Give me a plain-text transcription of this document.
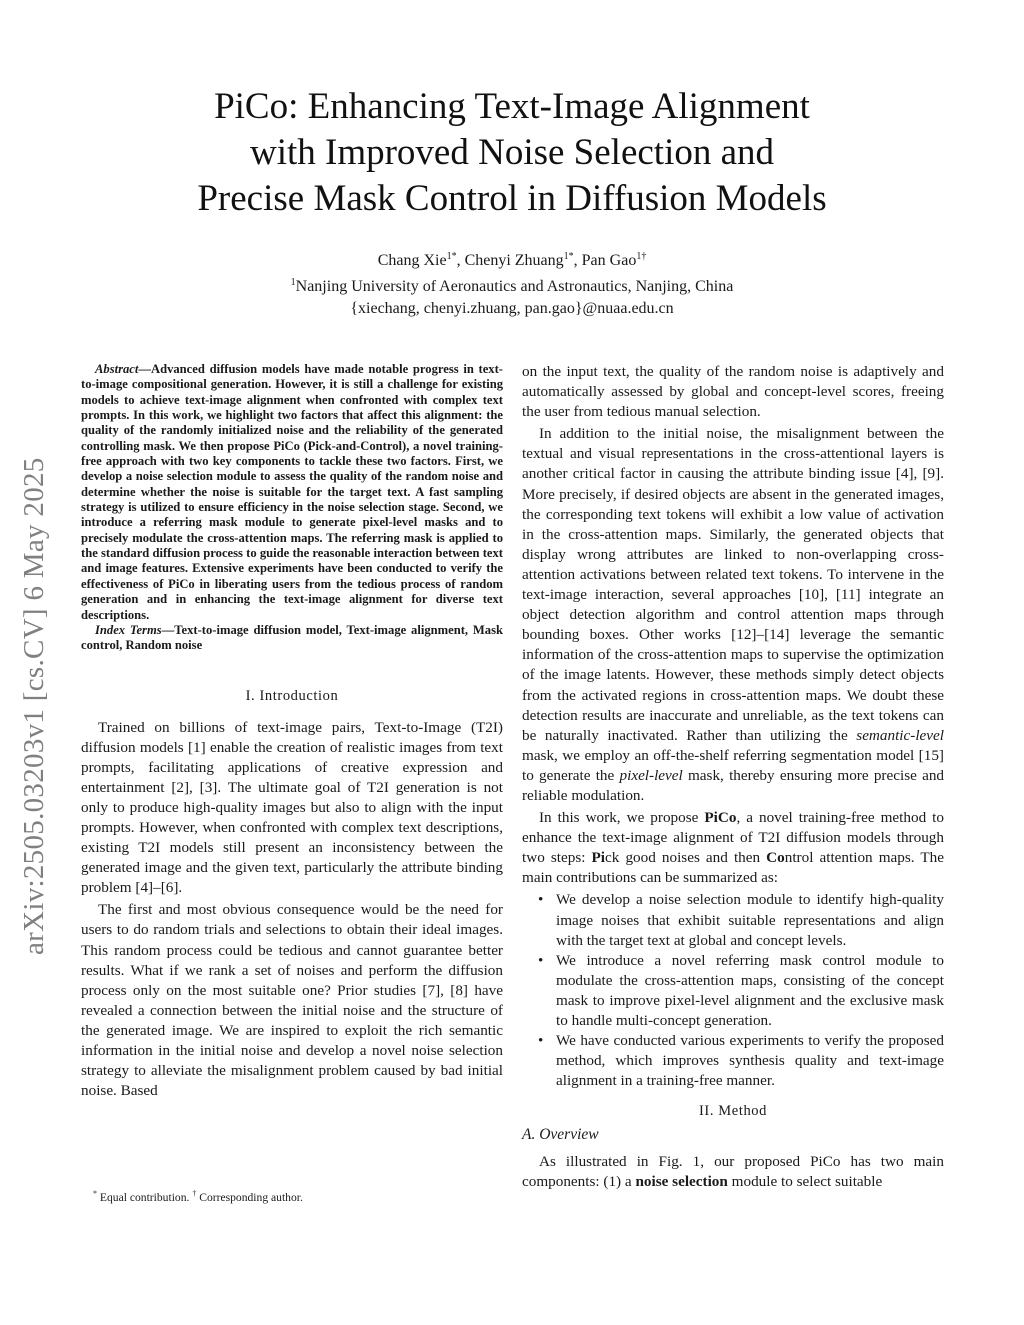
arXiv:2505.03203v1 [cs.CV] 6 May 2025
PiCo: Enhancing Text-Image Alignment
with Improved Noise Selection and
Precise Mask Control in Diffusion Models
Chang Xie$^{1*}$, Chenyi Zhuang$^{1*}$, Pan Gao$^{1\dagger}$
$^1$Nanjing University of Aeronautics and Astronautics, Nanjing, China
{xiechang, chenyi.zhuang, pan.gao}@nuaa.edu.cn

Abstract—Advanced diffusion models have made notable progress in text-to-image compositional generation. However, it is still a challenge for existing models to achieve text-image alignment when confronted with complex text prompts. In this work, we highlight two factors that affect this alignment: the quality of the randomly initialized noise and the reliability of the generated controlling mask. We then propose PiCo (Pick-and-Control), a novel training-free approach with two key components to tackle these two factors. First, we develop a noise selection module to assess the quality of the random noise and determine whether the noise is suitable for the target text. A fast sampling strategy is utilized to ensure efficiency in the noise selection stage. Second, we introduce a referring mask module to generate pixel-level masks and to precisely modulate the cross-attention maps. The referring mask is applied to the standard diffusion process to guide the reasonable interaction between text and image features. Extensive experiments have been conducted to verify the effectiveness of PiCo in liberating users from the tedious process of random generation and in enhancing the text-image alignment for diverse text descriptions.

Index Terms—Text-to-image diffusion model, Text-image alignment, Mask control, Random noise

I. Introduction

Trained on billions of text-image pairs, Text-to-Image (T2I) diffusion models [1] enable the creation of realistic images from text prompts, facilitating applications of creative expression and entertainment [2], [3]. The ultimate goal of T2I generation is not only to produce high-quality images but also to align with the input prompts. However, when confronted with complex text descriptions, existing T2I models still present an inconsistency between the generated image and the given text, particularly the attribute binding problem [4]–[6].

The first and most obvious consequence would be the need for users to do random trials and selections to obtain their ideal images. This random process could be tedious and cannot guarantee better results. What if we rank a set of noises and perform the diffusion process only on the most suitable one? Prior studies [7], [8] have revealed a connection between the initial noise and the structure of the generated image. We are inspired to exploit the rich semantic information in the initial noise and develop a novel noise selection strategy to alleviate the misalignment problem caused by bad initial noise. Based

on the input text, the quality of the random noise is adaptively and automatically assessed by global and concept-level scores, freeing the user from tedious manual selection.

In addition to the initial noise, the misalignment between the textual and visual representations in the cross-attentional layers is another critical factor in causing the attribute binding issue [4], [9]. More precisely, if desired objects are absent in the generated images, the corresponding text tokens will exhibit a low value of activation in the cross-attention maps. Similarly, the generated objects that display wrong attributes are linked to non-overlapping cross-attention activations between related text tokens. To intervene in the text-image interaction, several approaches [10], [11] integrate an object detection algorithm and control attention maps through bounding boxes. Other works [12]–[14] leverage the semantic information of the cross-attention maps to supervise the optimization of the image latents. However, these methods simply detect objects from the activated regions in cross-attention maps. We doubt these detection results are inaccurate and unreliable, as the text tokens can be naturally inactivated. Rather than utilizing the semantic-level mask, we employ an off-the-shelf referring segmentation model [15] to generate the pixel-level mask, thereby ensuring more precise and reliable modulation.

In this work, we propose PiCo, a novel training-free method to enhance the text-image alignment of T2I diffusion models through two steps: Pick good noises and then Control attention maps. The main contributions can be summarized as:

• We develop a noise selection module to identify high-quality image noises that exhibit suitable representations and align with the target text at global and concept levels.
• We introduce a novel referring mask control module to modulate the cross-attention maps, consisting of the concept mask to improve pixel-level alignment and the exclusive mask to handle multi-concept generation.
• We have conducted various experiments to verify the proposed method, which improves synthesis quality and text-image alignment in a training-free manner.
II. Method
A. Overview

As illustrated in Fig. 1, our proposed PiCo has two main components: (1) a noise selection module to select suitable

* Equal contribution. † Corresponding author.
